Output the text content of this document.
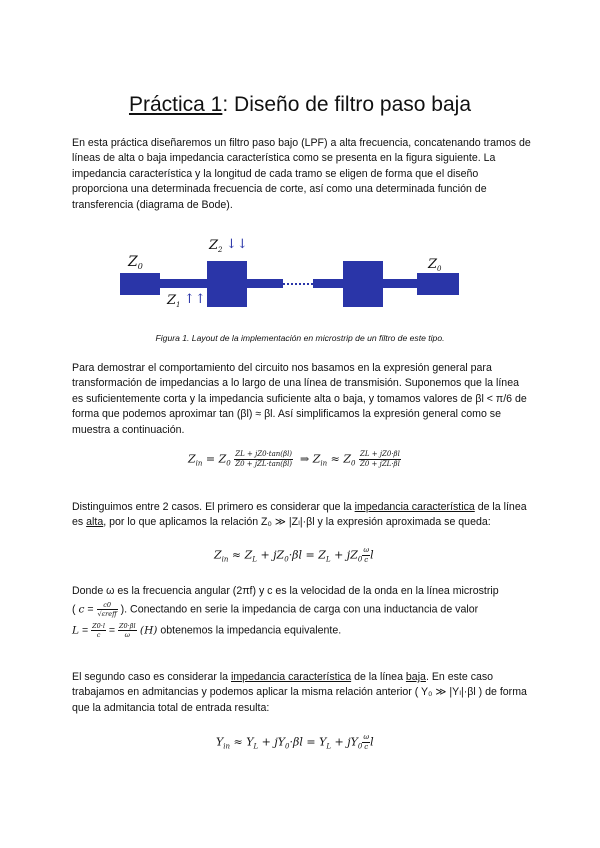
Práctica 1: Diseño de filtro paso baja

En esta práctica diseñaremos un filtro paso bajo (LPF) a alta frecuencia, concatenando tramos de líneas de alta o baja impedancia característica como se presenta en la figura siguiente. La impedancia característica y la longitud de cada tramo se eligen de forma que el diseño proporciona una determinada frecuencia de corte, así como una determinada función de transferencia (diagrama de Bode).

$Z_0$
$Z_2$ ↓↓
$Z_1$ ↑↑
$Z_0$
Figura 1. Layout de la implementación en microstrip de un filtro de este tipo.

Para demostrar el comportamiento del circuito nos basamos en la expresión general para transformación de impedancias a lo largo de una línea de transmisión. Suponemos que la línea es suficientemente corta y la impedancia suficiente alta o baja, y tomamos valores de βl < π/6 de forma que podemos aproximar tan (βl) ≈ βl. Así simplificamos la expresión general como se muestra a continuación.

$Z_{in} = Z_0 \frac{ZL + jZ0\cdot\tan(\beta l)}{\text{Z0 + jZL·tan(βl)}}$ ⇒ $Z_{in} \approx Z_0 \frac{ZL + jZ0\cdot\beta l}{\text{Z0 + jZL·βl}}$

Distinguimos entre 2 casos. El primero es considerar que la impedancia característica de la línea es alta, por lo que aplicamos la relación Z₀ ≫ |Zₗ|·βl y la expresión aproximada se queda:

$Z_{in} \approx Z_L + jZ_0\cdot\beta l = Z_L + jZ_0 \frac{\omega}{c}$ l

Donde ω es la frecuencia angular (2πf) y c es la velocidad de la onda en la línea microstrip

( $c = \frac{c0}{\text{√εreff}}$ ). Conectando en serie la impedancia de carga con una inductancia de valor

$L = \frac{Z0\cdot l}{c} = \frac{Z0\cdot\beta l}{\omega} (H)$ obtenemos la impedancia equivalente.

El segundo caso es considerar la impedancia característica de la línea baja. En este caso trabajamos en admitancias y podemos aplicar la misma relación anterior ( Y₀ ≫ |Yₗ|·βl ) de forma que la admitancia total de entrada resulta:

$Y_{in} \approx Y_L + jY_0\cdot\beta l = Y_L + jY_0 \frac{\omega}{c}$ l
